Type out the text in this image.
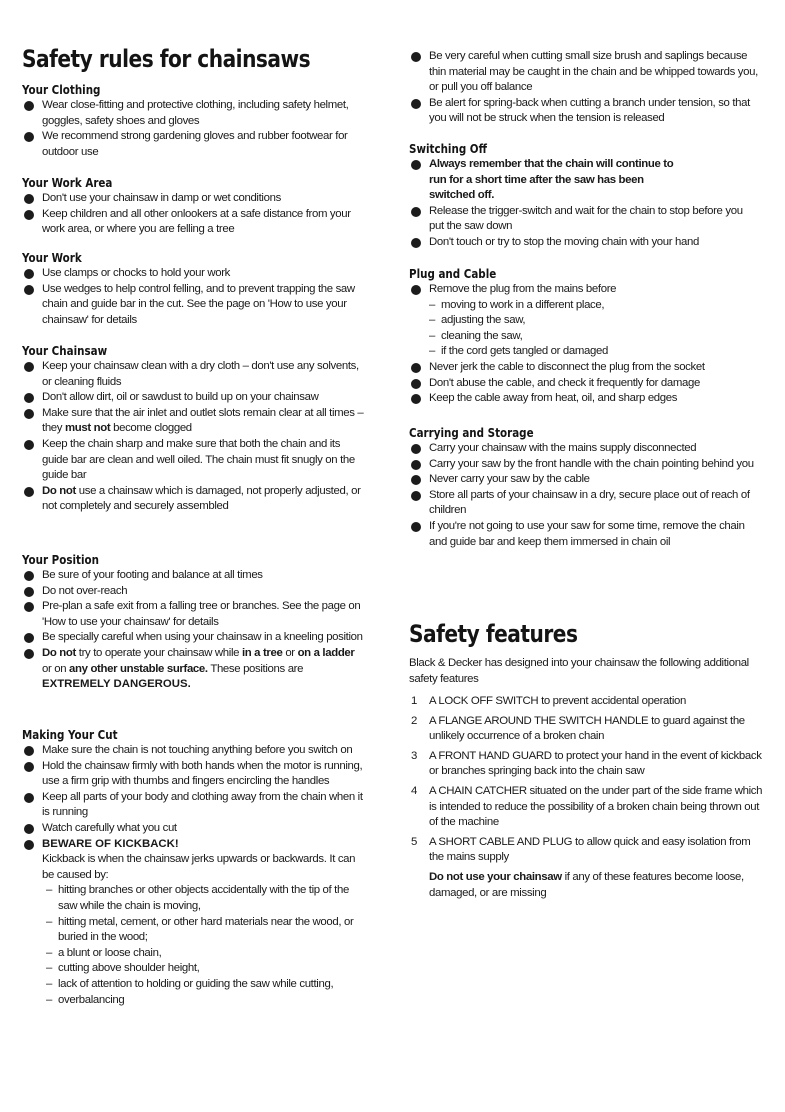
Safety rules for chainsaws
Your Clothing
Wear close-fitting and protective clothing, including safety helmet, goggles, safety shoes and gloves
We recommend strong gardening gloves and rubber footwear for outdoor use
Your Work Area
Don't use your chainsaw in damp or wet conditions
Keep children and all other onlookers at a safe distance from your work area, or where you are felling a tree
Your Work
Use clamps or chocks to hold your work
Use wedges to help control felling, and to prevent trapping the saw chain and guide bar in the cut. See the page on 'How to use your chainsaw' for details
Your Chainsaw
Keep your chainsaw clean with a dry cloth – don't use any solvents, or cleaning fluids
Don't allow dirt, oil or sawdust to build up on your chainsaw
Make sure that the air inlet and outlet slots remain clear at all times – they must not become clogged
Keep the chain sharp and make sure that both the chain and its guide bar are clean and well oiled. The chain must fit snugly on the guide bar
Do not use a chainsaw which is damaged, not properly adjusted, or not completely and securely assembled
Your Position
Be sure of your footing and balance at all times
Do not over-reach
Pre-plan a safe exit from a falling tree or branches. See the page on 'How to use your chainsaw' for details
Be specially careful when using your chainsaw in a kneeling position
Do not try to operate your chainsaw while in a tree or on a ladder or on any other unstable surface. These positions are EXTREMELY DANGEROUS.
Making Your Cut
Make sure the chain is not touching anything before you switch on
Hold the chainsaw firmly with both hands when the motor is running, use a firm grip with thumbs and fingers encircling the handles
Keep all parts of your body and clothing away from the chain when it is running
Watch carefully what you cut
BEWARE OF KICKBACK!
Kickback is when the chainsaw jerks upwards or backwards. It can be caused by:
– hitting branches or other objects accidentally with the tip of the saw while the chain is moving,
– hitting metal, cement, or other hard materials near the wood, or buried in the wood;
– a blunt or loose chain,
– cutting above shoulder height,
– lack of attention to holding or guiding the saw while cutting,
– overbalancing
Be very careful when cutting small size brush and saplings because thin material may be caught in the chain and be whipped towards you, or pull you off balance
Be alert for spring-back when cutting a branch under tension, so that you will not be struck when the tension is released
Switching Off
Always remember that the chain will continue to run for a short time after the saw has been switched off.
Release the trigger-switch and wait for the chain to stop before you put the saw down
Don't touch or try to stop the moving chain with your hand
Plug and Cable
Remove the plug from the mains before
– moving to work in a different place,
– adjusting the saw,
– cleaning the saw,
– if the cord gets tangled or damaged
Never jerk the cable to disconnect the plug from the socket
Don't abuse the cable, and check it frequently for damage
Keep the cable away from heat, oil, and sharp edges
Carrying and Storage
Carry your chainsaw with the mains supply disconnected
Carry your saw by the front handle with the chain pointing behind you
Never carry your saw by the cable
Store all parts of your chainsaw in a dry, secure place out of reach of children
If you're not going to use your saw for some time, remove the chain and guide bar and keep them immersed in chain oil
Safety features
Black & Decker has designed into your chainsaw the following additional safety features
1 A LOCK OFF SWITCH to prevent accidental operation
2 A FLANGE AROUND THE SWITCH HANDLE to guard against the unlikely occurrence of a broken chain
3 A FRONT HAND GUARD to protect your hand in the event of kickback or branches springing back into the chain saw
4 A CHAIN CATCHER situated on the under part of the side frame which is intended to reduce the possibility of a broken chain being thrown out of the machine
5 A SHORT CABLE AND PLUG to allow quick and easy isolation from the mains supply
Do not use your chainsaw if any of these features become loose, damaged, or are missing
